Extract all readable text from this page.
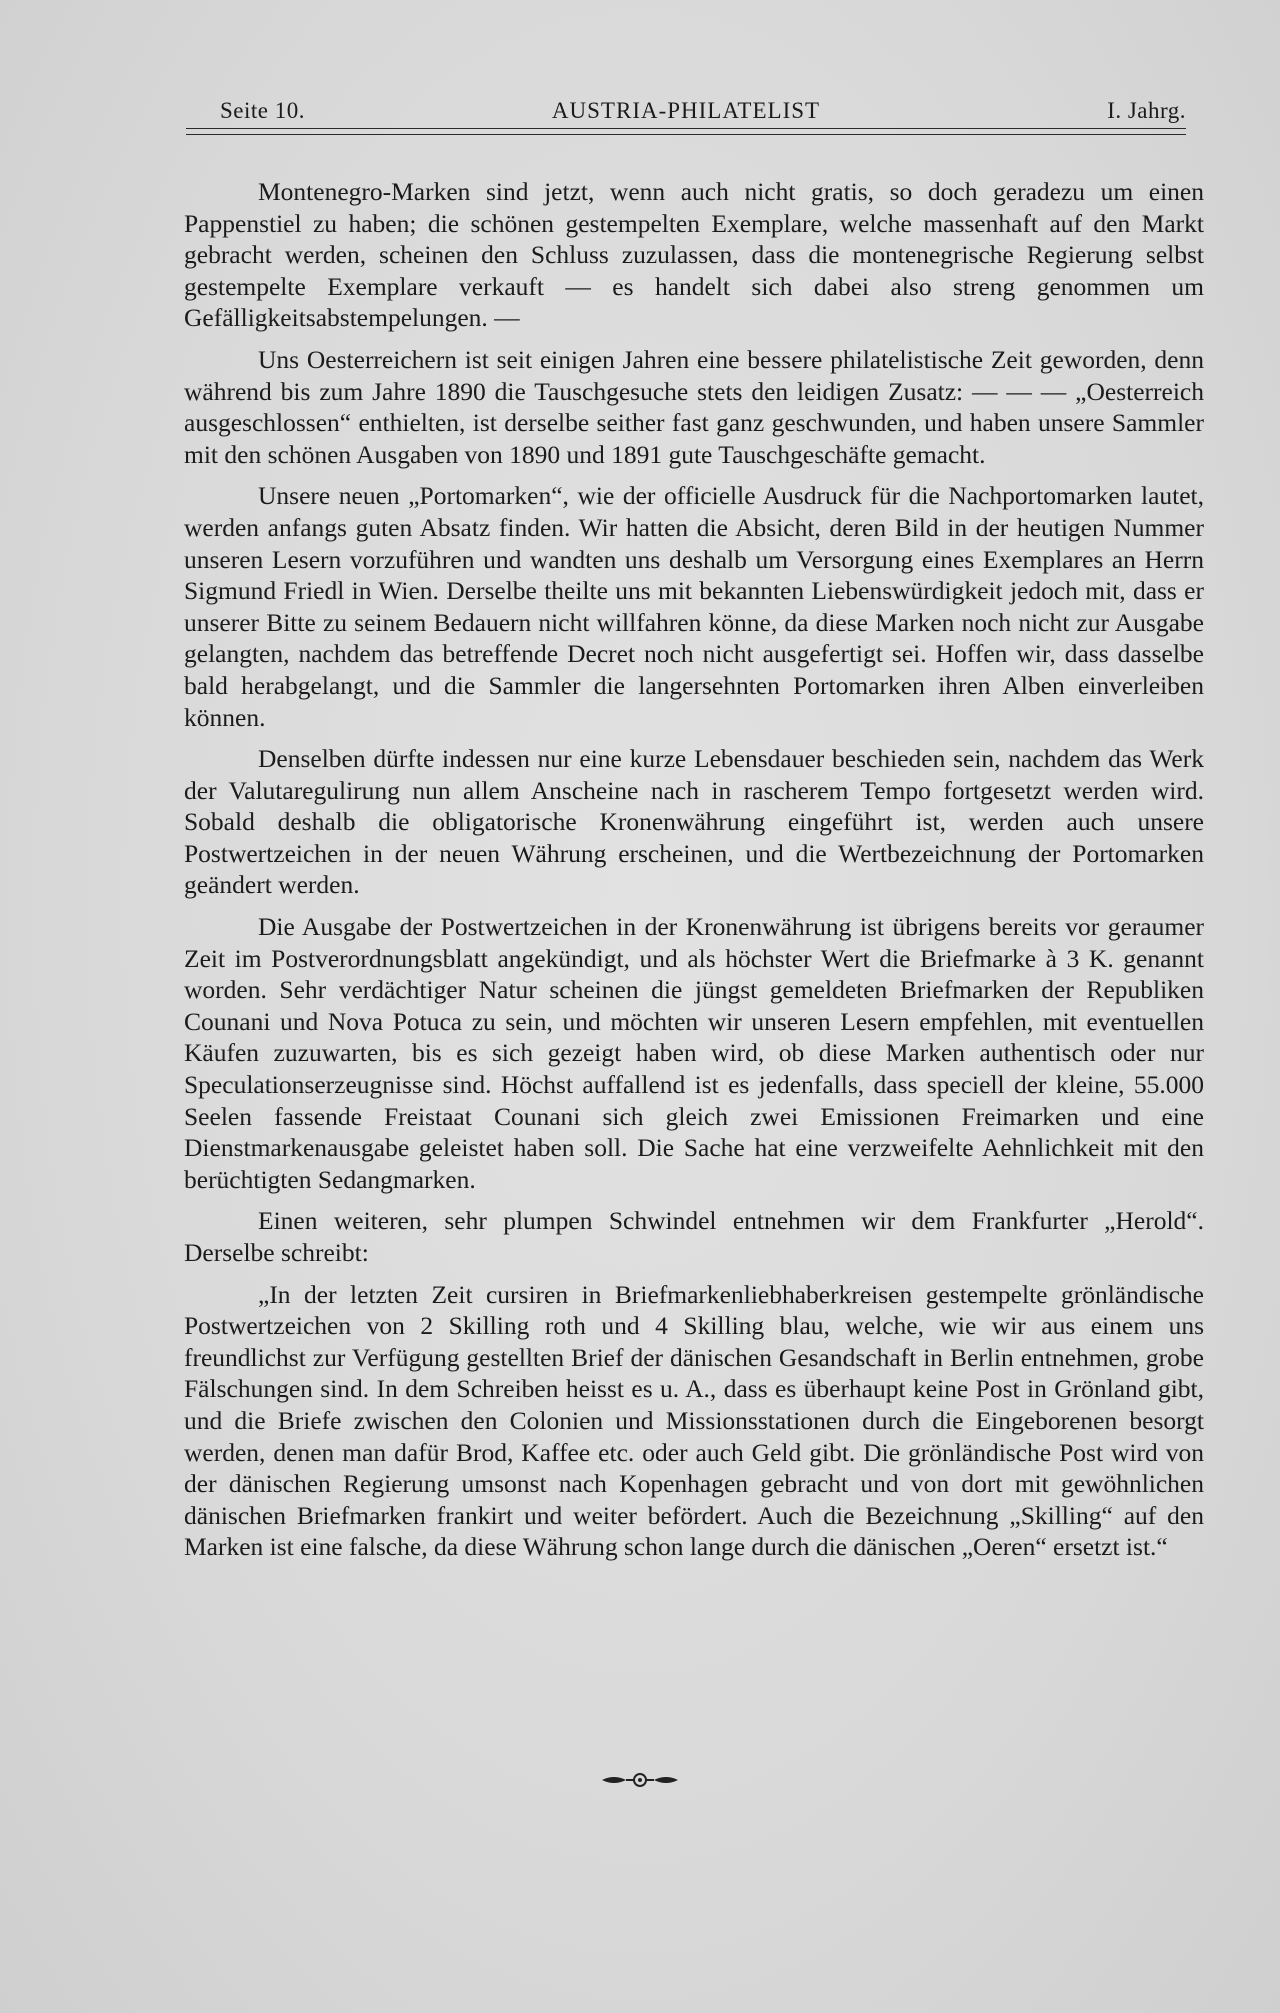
Seite 10.	AUSTRIA-PHILATELIST	I. Jahrg.

Montenegro-Marken sind jetzt, wenn auch nicht gratis, so doch geradezu um einen Pappenstiel zu haben; die schönen gestempelten Exemplare, welche massenhaft auf den Markt gebracht werden, scheinen den Schluss zuzulassen, dass die montenegrische Regierung selbst gestempelte Exemplare verkauft — es handelt sich dabei also streng genommen um Gefälligkeitsabstempelungen. —

Uns Oesterreichern ist seit einigen Jahren eine bessere philatelistische Zeit geworden, denn während bis zum Jahre 1890 die Tauschgesuche stets den leidigen Zusatz: — — — „Oesterreich ausgeschlossen“ enthielten, ist derselbe seither fast ganz geschwunden, und haben unsere Sammler mit den schönen Ausgaben von 1890 und 1891 gute Tauschgeschäfte gemacht.

Unsere neuen „Portomarken“, wie der officielle Ausdruck für die Nachportomarken lautet, werden anfangs guten Absatz finden. Wir hatten die Absicht, deren Bild in der heutigen Nummer unseren Lesern vorzuführen und wandten uns deshalb um Versorgung eines Exemplares an Herrn Sigmund Friedl in Wien. Derselbe theilte uns mit bekannten Liebenswürdigkeit jedoch mit, dass er unserer Bitte zu seinem Bedauern nicht willfahren könne, da diese Marken noch nicht zur Ausgabe gelangten, nachdem das betreffende Decret noch nicht ausgefertigt sei. Hoffen wir, dass dasselbe bald herabgelangt, und die Sammler die langersehnten Portomarken ihren Alben einverleiben können.

Denselben dürfte indessen nur eine kurze Lebensdauer beschieden sein, nachdem das Werk der Valutaregulirung nun allem Anscheine nach in rascherem Tempo fortgesetzt werden wird. Sobald deshalb die obligatorische Kronenwährung eingeführt ist, werden auch unsere Postwertzeichen in der neuen Währung erscheinen, und die Wertbezeichnung der Portomarken geändert werden.

Die Ausgabe der Postwertzeichen in der Kronenwährung ist übrigens bereits vor geraumer Zeit im Postverordnungsblatt angekündigt, und als höchster Wert die Briefmarke à 3 K. genannt worden. Sehr verdächtiger Natur scheinen die jüngst gemeldeten Briefmarken der Republiken Counani und Nova Potuca zu sein, und möchten wir unseren Lesern empfehlen, mit eventuellen Käufen zuzuwarten, bis es sich gezeigt haben wird, ob diese Marken authentisch oder nur Speculationserzeugnisse sind. Höchst auffallend ist es jedenfalls, dass speciell der kleine, 55.000 Seelen fassende Freistaat Counani sich gleich zwei Emissionen Freimarken und eine Dienstmarkenausgabe geleistet haben soll. Die Sache hat eine verzweifelte Aehnlichkeit mit den berüchtigten Sedangmarken.

Einen weiteren, sehr plumpen Schwindel entnehmen wir dem Frankfurter „Herold“. Derselbe schreibt:

„In der letzten Zeit cursiren in Briefmarkenliebhaberkreisen gestempelte grönländische Postwertzeichen von 2 Skilling roth und 4 Skilling blau, welche, wie wir aus einem uns freundlichst zur Verfügung gestellten Brief der dänischen Gesandschaft in Berlin entnehmen, grobe Fälschungen sind. In dem Schreiben heisst es u. A., dass es überhaupt keine Post in Grönland gibt, und die Briefe zwischen den Colonien und Missionsstationen durch die Eingeborenen besorgt werden, denen man dafür Brod, Kaffee etc. oder auch Geld gibt. Die grönländische Post wird von der dänischen Regierung umsonst nach Kopenhagen gebracht und von dort mit gewöhnlichen dänischen Briefmarken frankirt und weiter befördert. Auch die Bezeichnung „Skilling“ auf den Marken ist eine falsche, da diese Währung schon lange durch die dänischen „Oeren“ ersetzt ist.“
